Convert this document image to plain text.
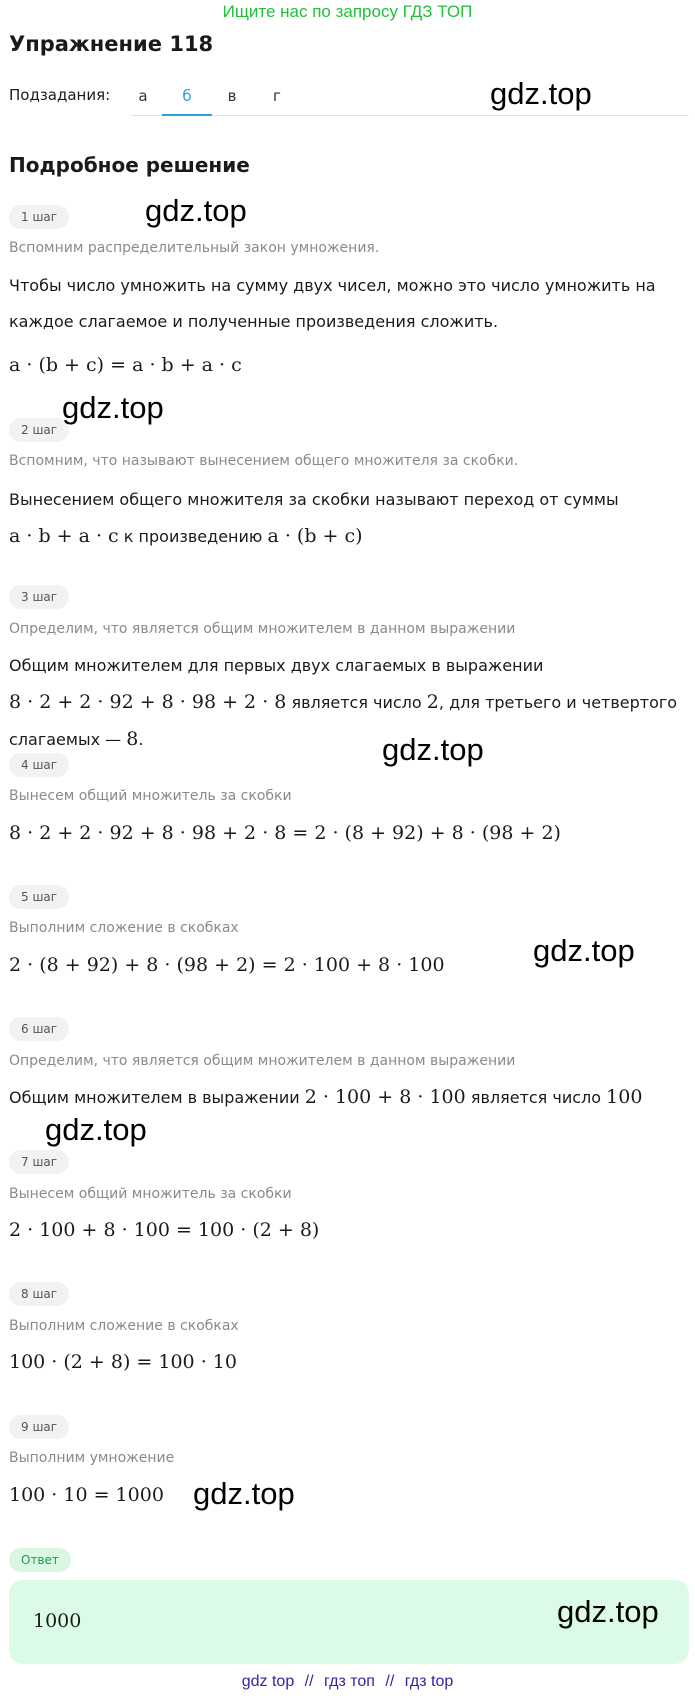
Ищите нас по запросу ГДЗ ТОП
Упражнение 118
Подзадания:	а	б	в	г	gdz.top
Подробное решение
1 шаг	gdz.top
Вспомним распределительный закон умножения.
Чтобы число умножить на сумму двух чисел, можно это число умножить на каждое слагаемое и полученные произведения сложить.
a · (b + c) = a · b + a · c
2 шаг
gdz.top
Вспомним, что называют вынесением общего множителя за скобки.
Вынесением общего множителя за скобки называют переход от суммы a · b + a · c к произведению a · (b + c)
3 шаг
Определим, что является общим множителем в данном выражении
Общим множителем для первых двух слагаемых в выражении 8 · 2 + 2 · 92 + 8 · 98 + 2 · 8 является число 2, для третьего и четвертого слагаемых — 8.	gdz.top
4 шаг
Вынесем общий множитель за скобки
8 · 2 + 2 · 92 + 8 · 98 + 2 · 8 = 2 · (8 + 92) + 8 · (98 + 2)
5 шаг
Выполним сложение в скобках
2 · (8 + 92) + 8 · (98 + 2) = 2 · 100 + 8 · 100	gdz.top
6 шаг
Определим, что является общим множителем в данном выражении
Общим множителем в выражении 2 · 100 + 8 · 100 является число 100
gdz.top
7 шаг
Вынесем общий множитель за скобки
2 · 100 + 8 · 100 = 100 · (2 + 8)
8 шаг
Выполним сложение в скобках
100 · (2 + 8) = 100 · 10
9 шаг
Выполним умножение
100 · 10 = 1000 gdz.top
Ответ
1000	gdz.top
gdz top // гдз топ // гдз top
